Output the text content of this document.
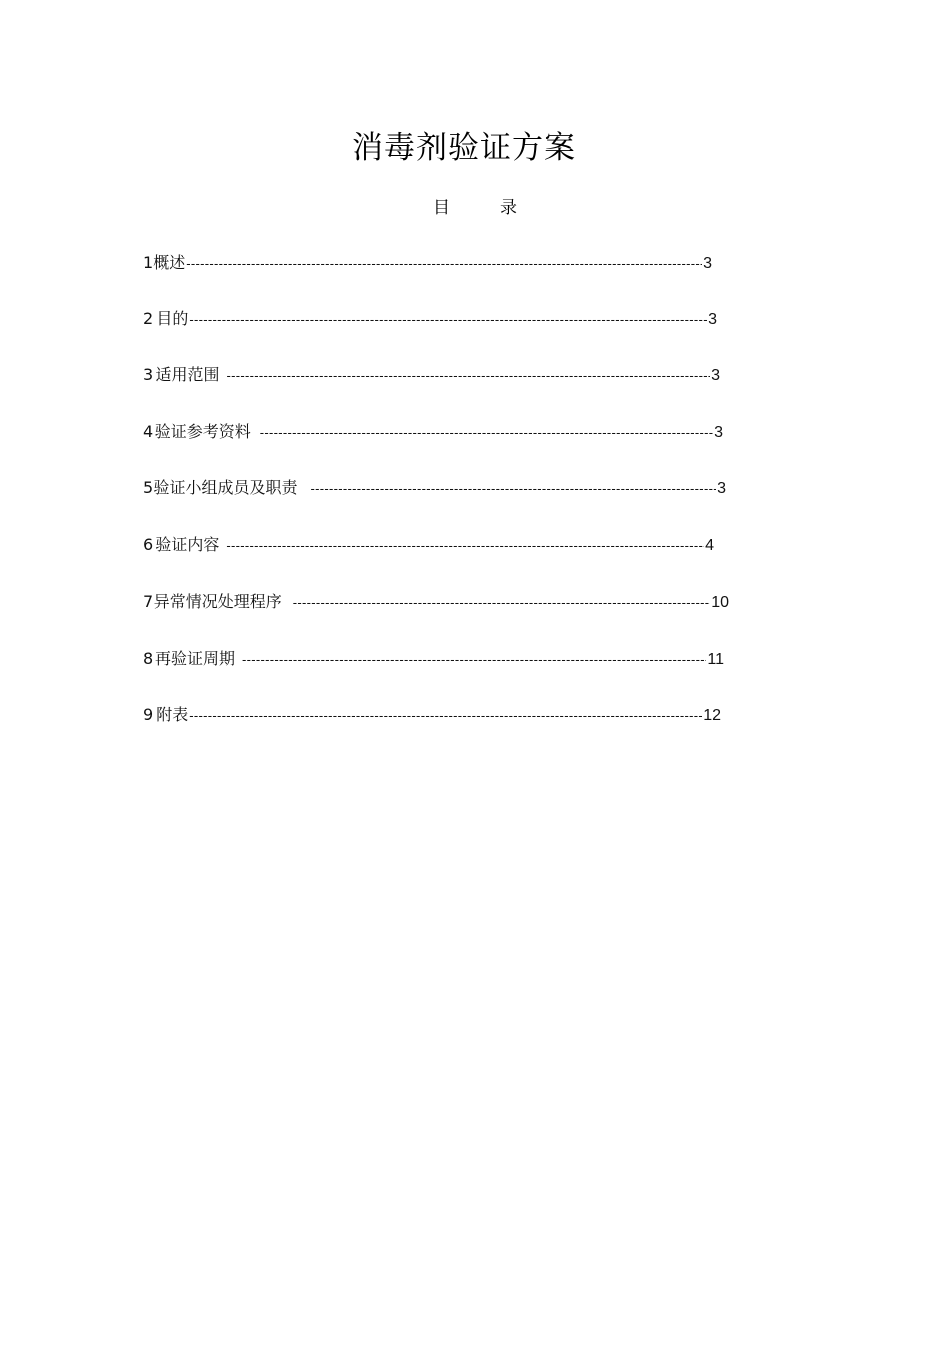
消毒剂验证方案
目	录
1 概述 -----	3
2 目的 -----	3
3 适用范围 -----	3
4 验证参考资料 -----	3
5 验证小组成员及职责 -----	3
6 验证内容 -----	4
7 异常情况处理程序 -----	10
8 再验证周期 -----	11
9 附表 -----	12
